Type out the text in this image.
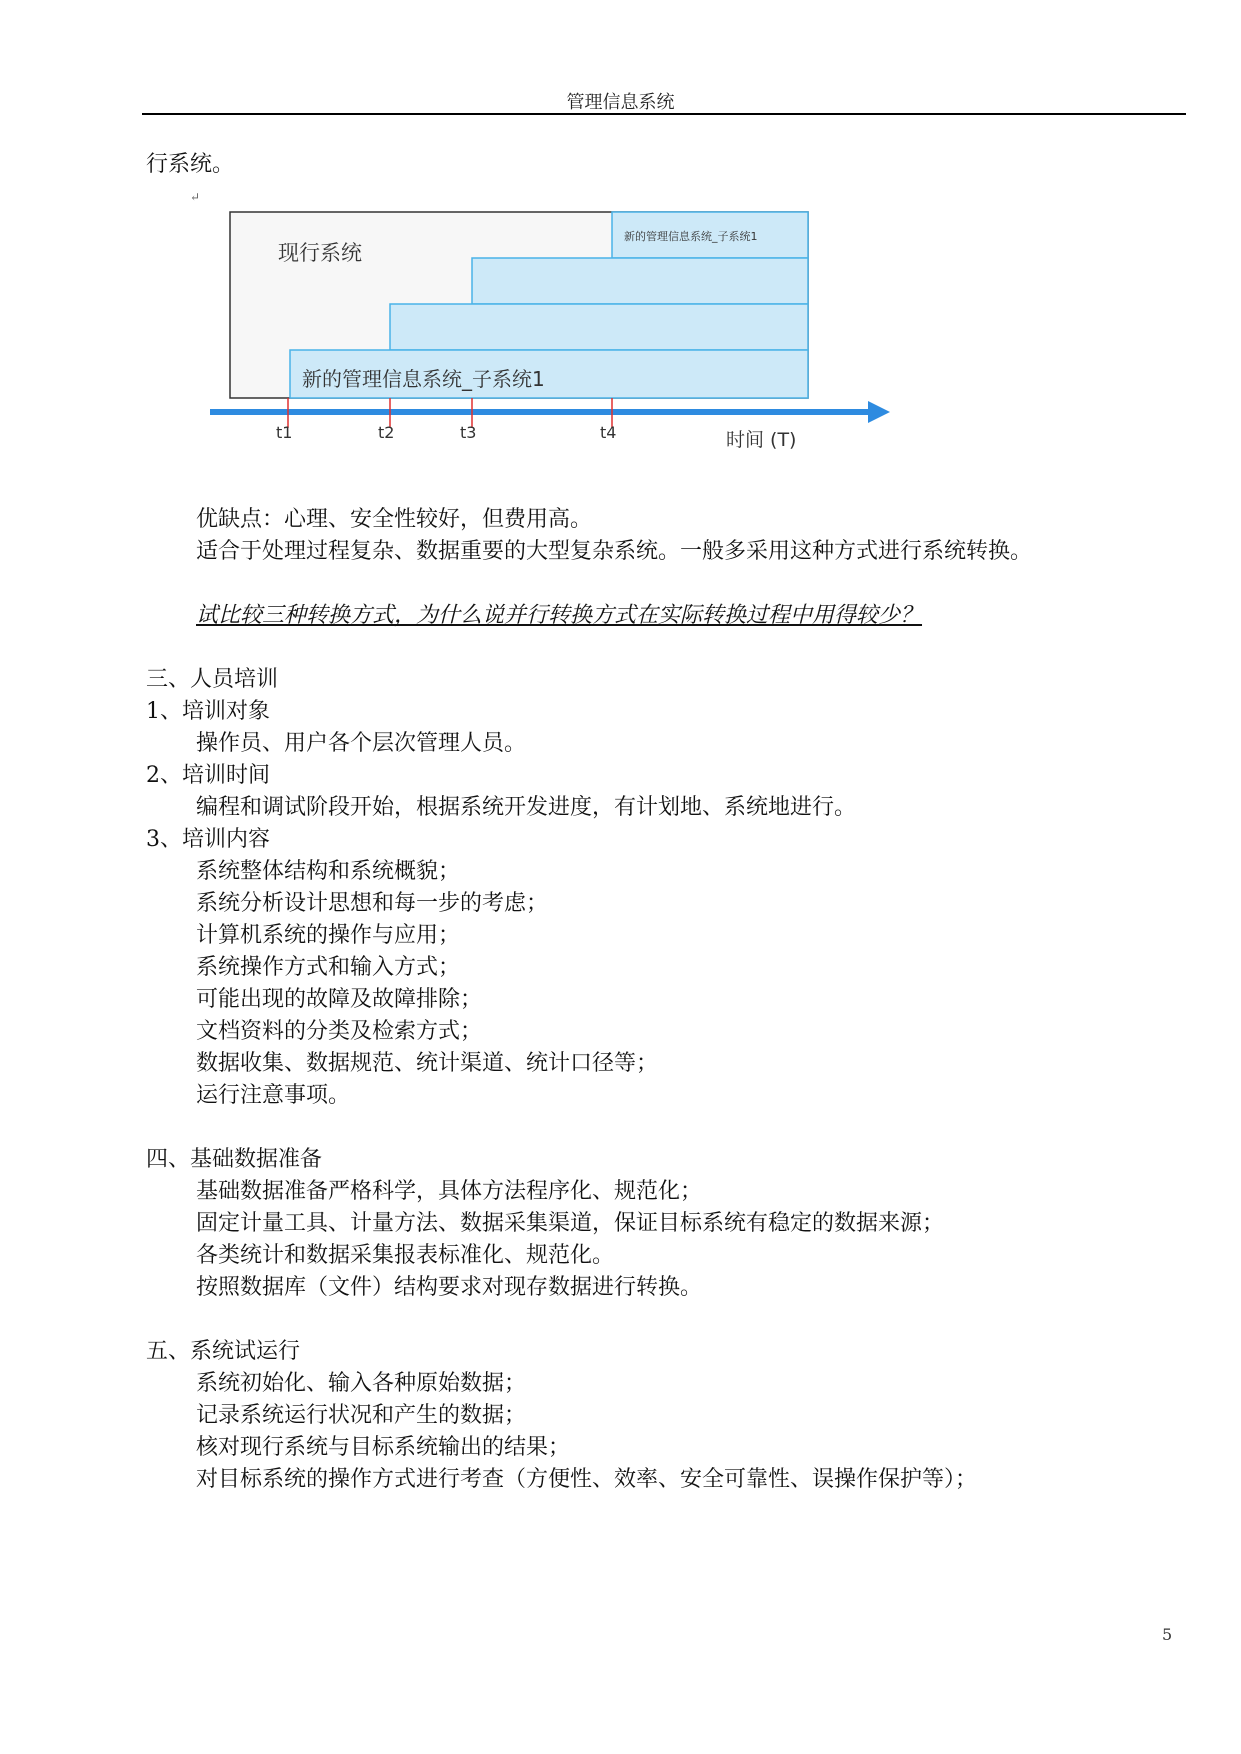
管理信息系统
行系统。
↵
现行系统
新的管理信息系统_子系统1
新的管理信息系统_子系统1
t1	t2	t3	t4	时间 (T)
优缺点：心理、安全性较好，但费用高。
适合于处理过程复杂、数据重要的大型复杂系统。一般多采用这种方式进行系统转换。
试比较三种转换方式，为什么说并行转换方式在实际转换过程中用得较少？
三、人员培训
1、培训对象
操作员、用户各个层次管理人员。
2、培训时间
编程和调试阶段开始，根据系统开发进度，有计划地、系统地进行。
3、培训内容
系统整体结构和系统概貌；
系统分析设计思想和每一步的考虑；
计算机系统的操作与应用；
系统操作方式和输入方式；
可能出现的故障及故障排除；
文档资料的分类及检索方式；
数据收集、数据规范、统计渠道、统计口径等；
运行注意事项。
四、基础数据准备
基础数据准备严格科学，具体方法程序化、规范化；
固定计量工具、计量方法、数据采集渠道，保证目标系统有稳定的数据来源；
各类统计和数据采集报表标准化、规范化。
按照数据库（文件）结构要求对现存数据进行转换。
五、系统试运行
系统初始化、输入各种原始数据；
记录系统运行状况和产生的数据；
核对现行系统与目标系统输出的结果；
对目标系统的操作方式进行考查（方便性、效率、安全可靠性、误操作保护等）；
5
